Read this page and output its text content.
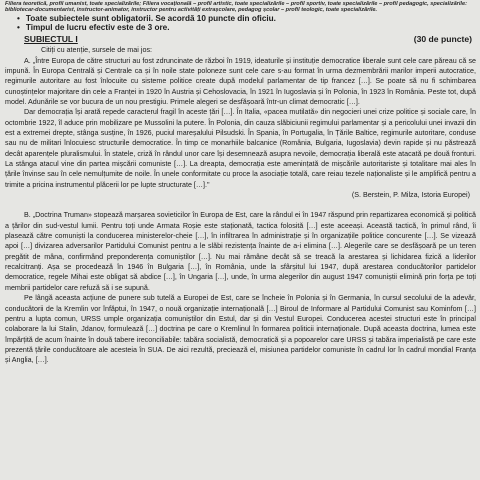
Filiera teoretică, profil umanist, toate specializările; Filiera vocațională – profil artistic, toate specializările – profil sportiv, toate specializările – profil pedagogic, specializările: bibliotecar-documentarist, instructor-animator, instructor pentru activități extrașcolare, pedagog școlar – profil teologic, toate specializările.
• Toate subiectele sunt obligatorii. Se acordă 10 puncte din oficiu.
• Timpul de lucru efectiv este de 3 ore.
SUBIECTUL I	(30 de puncte)
Citiți cu atenție, sursele de mai jos:

A. „Între Europa de către structuri au fost zdruncinate de război în 1919, ideaturile și instituție democratice liberale sunt cele care păreau că se impună. În Europa Centrală și Centrale ca și în noile state poloneze sunt cele care s-au format în urma dezmembrării marilor imperii autocratice, regimurile autoritare au fost înlocuite cu sisteme politice create după modelul parlamentar de tip francez […]. Se poate să nu fi schimbarea cunoștințelor majoritare din cele a Franței in 1920 în Austria și Cehoslovacia, în 1921 în Iugoslavia și în Polonia, în 1923 în România. Peste tot, după model. Adunările se vor bucura de un nou prestigiu. Primele alegeri se desfășoară într-un climat democratic […].

Dar democrația își arată repede caracterul fragil în aceste țări […]. În Italia, «pacea mutilată» din negocieri unei crize politice și sociale care, în octombrie 1922, îl aduce prin mobilizare pe Mussolini la putere. În Polonia, din cauza slăbiciunii regimului parlamentar și a pericolului unei invazii din est a extremei drepte, stânga susține, în 1926, puciul mareșalului Pilsudski. În Spania, în Portugalia, în Țările Baltice, regimurile autoritare, conduse sau nu de militari înlocuiesc structurile democratice. În timp ce monarhiile balcanice (România, Bulgaria, Iugoslavia) devin rapide și nu păstrează decât aparențele pluralismului. În statele, criză în rândul unor care își desemnează asupra nevoile, democrația liberală este atacată pe două fronturi. La stânga atacul vine din partea mișcării comuniste […]. La dreapta, democrația este amenințată de mișcările autoritariste și totalitare mai ales în țările învinse sau în cele nemulțumite de noile. În unele conformitate cu proce la asociație totală, care reiau tezele naționaliste și le amplifică pentru a trimite a pricina instrumentul plăcerii lor pe lupte structurate […]."

(S. Berstein, P. Milza, Istoria Europei)

B. „Doctrina Truman» stopează marșarea sovieticilor în Europa de Est, care la rândul ei în 1947 răspund prin repartizarea economică și politică a țărilor din sud-vestul lumii. Pentru toți unde Armata Roșie este staționată, tactica folosită […] este aceeași. Această tactică, în primul rând, îi plasează către comuniști la conducerea ministerelor-cheie […], în infiltrarea în administrație și în organizațiile politice concurente […]. Se vizează apoi […] divizarea adversarilor Partidului Comunist pentru a le slăbi rezistența înainte de a-i elimina […]. Alegerile care se desfășoară pe un teren pregătit de mâna, confirmând preponderența comuniștilor […]. Nu mai rămâne decât să se treacă la arestarea și lichidarea fizică a liderilor recalcitranți. Așa se procedează în 1946 în Bulgaria […], în România, unde la sfârșitul lui 1947, după arestarea conducătorilor partidelor democratice, regele Mihai este obligat să abdice […], în Ungaria […], unde, în urma alegerilor din august 1947 comuniștii elimină prin forța pe toți membrii partidelor care refuză să i se supună.

Pe lângă aceasta acțiune de punere sub tutelă a Europei de Est, care se încheie în Polonia și în Germania, în cursul secolului de la adevăr, conducătorii de la Kremlin vor înfăptui, în 1947, o nouă organizație internațională […] Biroul de Informare al Partidului Comunist sau Kominfom […] pentru a lupta comun, URSS umple organizația comuniștilor din Estul, dar și din Vestul Europei. Conducerea acestei structuri este în principal colaborare la lui Stalin, Jdanov, formulează […] doctrina pe care o Kremlinul în formarea politicii internaționale. După aceasta doctrina, lumea este împărțită de acum înainte în două tabere ireconciliabile: tabăra socialistă, democratică și a popoarelor care URSS și tabăra imperialistă pe care este prezentă țările conducătoare ale acesteia în SUA. De aici rezultă, preciează el, misiunea partidelor comuniste în cadrul lor în cadrul mondial Franța și Anglia, […].
